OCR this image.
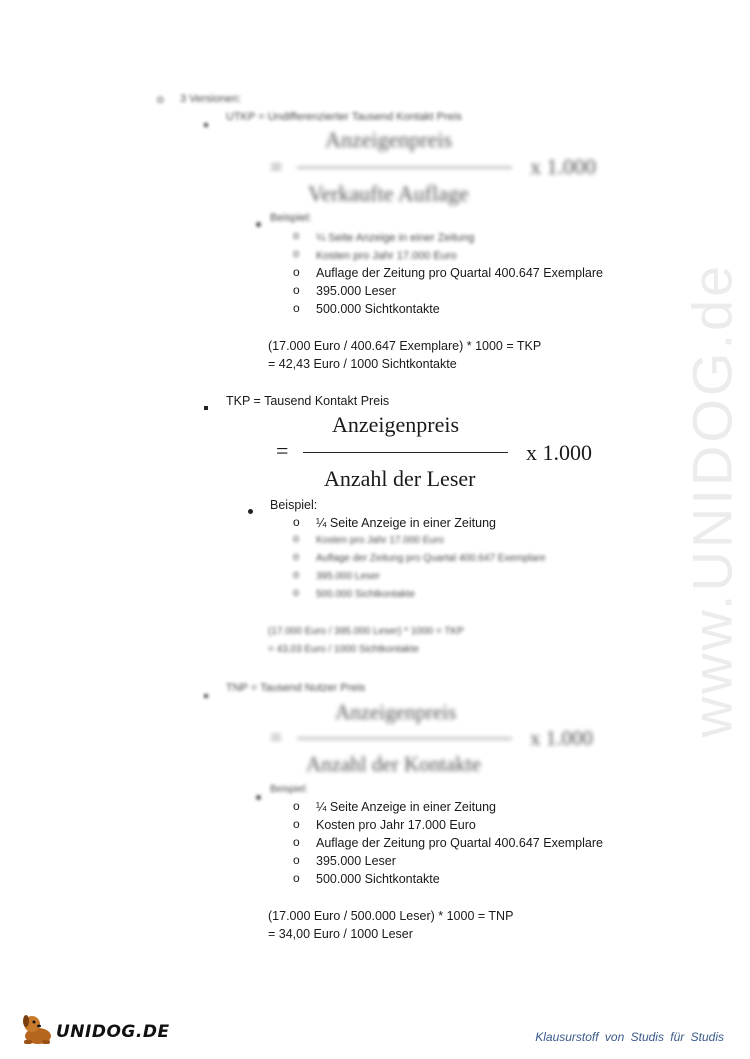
www.UNIDOG.de
o 3 Versionen:
UTKP = Undifferenzierter Tausend Kontakt Preis
=
Anzeigenpreis
Verkaufte Auflage
x 1.000
Beispiel:
o ¼ Seite Anzeige in einer Zeitung
o Kosten pro Jahr 17.000 Euro
o Auflage der Zeitung pro Quartal 400.647 Exemplare
o 395.000 Leser
o 500.000 Sichtkontakte
(17.000 Euro / 400.647 Exemplare) * 1000 = TKP
= 42,43 Euro / 1000 Sichtkontakte
TKP = Tausend Kontakt Preis
=
Anzeigenpreis
Anzahl der Leser
x 1.000
Beispiel:
o ¼ Seite Anzeige in einer Zeitung
o Kosten pro Jahr 17.000 Euro
o Auflage der Zeitung pro Quartal 400.647 Exemplare
o 395.000 Leser
o 500.000 Sichtkontakte
(17.000 Euro / 395.000 Leser) * 1000 = TKP
= 43,03 Euro / 1000 Sichtkontakte
TNP = Tausend Nutzer Preis
=
Anzeigenpreis
Anzahl der Kontakte
x 1.000
Beispiel:
o ¼ Seite Anzeige in einer Zeitung
o Kosten pro Jahr 17.000 Euro
o Auflage der Zeitung pro Quartal 400.647 Exemplare
o 395.000 Leser
o 500.000 Sichtkontakte
(17.000 Euro / 500.000 Leser) * 1000 = TNP
= 34,00 Euro / 1000 Leser
UNIDOG.DE	Klausurstoff von Studis für Studis
